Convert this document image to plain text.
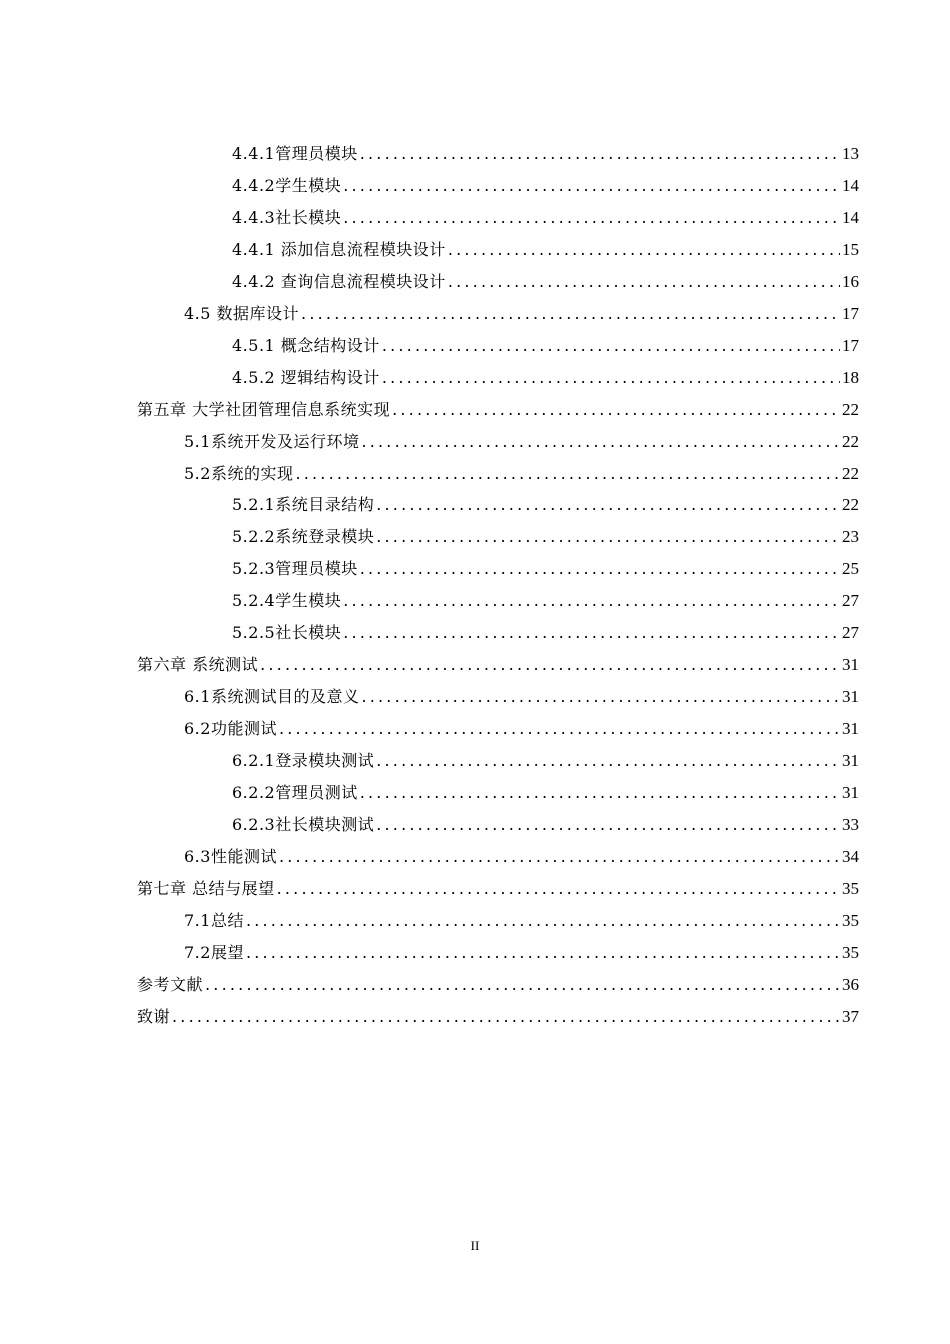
4.4.1管理员模块 .....	13
4.4.2学生模块 .....	14
4.4.3社长模块 .....	14
4.4.1 添加信息流程模块设计 .....	15
4.4.2 查询信息流程模块设计 .....	16
4.5 数据库设计 .....	17
4.5.1 概念结构设计 .....	17
4.5.2 逻辑结构设计 .....	18
第五章 大学社团管理信息系统实现 .....	22
5.1系统开发及运行环境 .....	22
5.2系统的实现 .....	22
5.2.1系统目录结构 .....	22
5.2.2系统登录模块 .....	23
5.2.3管理员模块 .....	25
5.2.4学生模块 .....	27
5.2.5社长模块 .....	27
第六章 系统测试 .....	31
6.1系统测试目的及意义 .....	31
6.2功能测试 .....	31
6.2.1登录模块测试 .....	31
6.2.2管理员测试 .....	31
6.2.3社长模块测试 .....	33
6.3性能测试 .....	34
第七章 总结与展望 .....	35
7.1总结 .....	35
7.2展望 .....	35
参考文献 .....	36
致谢 .....	37
II
